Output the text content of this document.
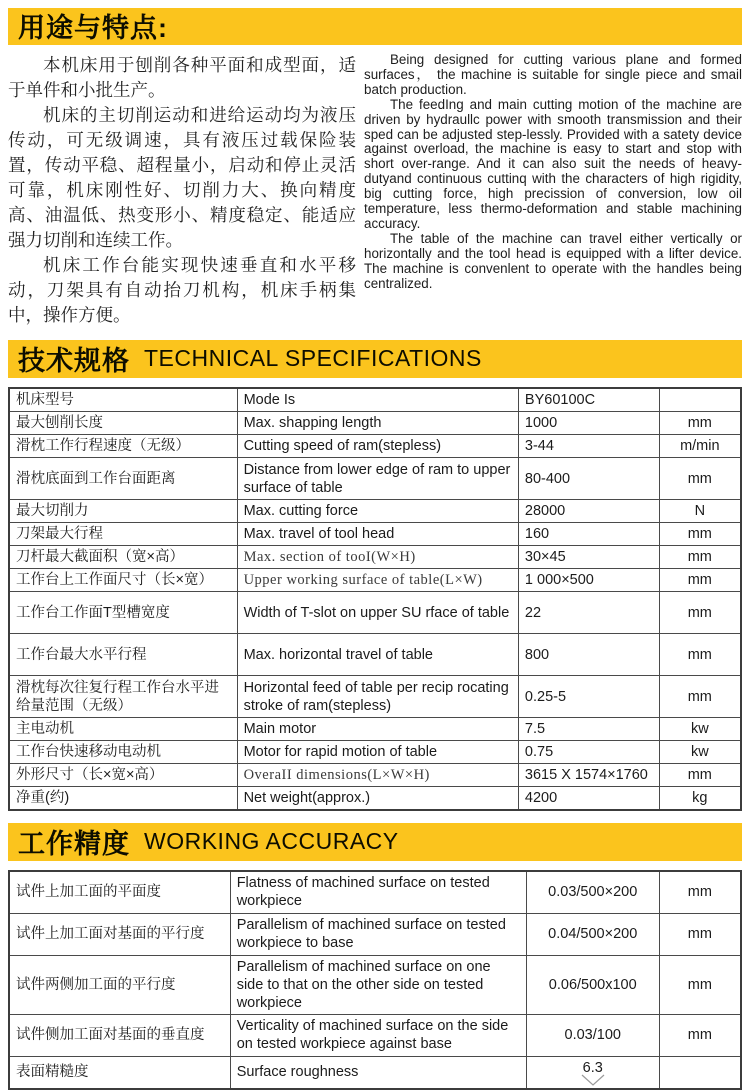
用途与特点:

本机床用于刨削各种平面和成型面，适于单件和小批生产。

机床的主切削运动和进给运动均为液压传动，可无级调速，具有液压过载保险装置，传动平稳、超程量小，启动和停止灵活可靠，机床刚性好、切削力大、换向精度高、油温低、热变形小、精度稳定、能适应强力切削和连续工作。

机床工作台能实现快速垂直和水平移动，刀架具有自动抬刀机构，机床手柄集中，操作方便。

Being designed for cutting various plane and formed surfaces， the machine is suitable for single piece and smail batch production.

The feedIng and main cutting motion of the machine are driven by hydraullc power with smooth transmission and their sped can be adjusted step-lessly. Provided with a satety device against overload, the machine is easy to start and stop with short over-range. And it can also suit the needs of heavy-dutyand continuous cuttinq with the characters of high rigidity, big cutting force, high precission of conversion, low oil temperature, less thermo-deformation and stable machining accuracy.

The table of the machine can travel either vertically or horizontally and the tool head is equipped with a lifter device. The machine is convenlent to operate with the handles being centralized.

技术规格 TECHNICAL SPECIFICATIONS
机床型号	Mode Is	BY60100C	
最大刨削长度	Max. shapping length	1000	mm
滑枕工作行程速度（无级）	Cutting speed of ram(stepless)	3-44	m/min
滑枕底面到工作台面距离	Distance from lower edge of ram to upper surface of table	80-400	mm
最大切削力	Max. cutting force	28000	N
刀架最大行程	Max. travel of tool head	160	mm
刀杆最大截面积（宽×高）	Max. section of tooI(W×H)	30×45	mm
工作台上工作面尺寸（长×宽）	Upper working surface of table(L×W)	1 000×500	mm
工作台工作面T型槽宽度	Width of T-slot on upper SU rface of table	22	mm
工作台最大水平行程	Max. horizontal travel of table	800	mm
滑枕每次往复行程工作台水平进给量范围（无级）	Horizontal feed of table per recip rocating stroke of ram(stepless)	0.25-5	mm
主电动机	Main motor	7.5	kw
工作台快速移动电动机	Motor for rapid motion of table	0.75	kw
外形尺寸（长×宽×高）	OveraII dimensions(L×W×H)	3615 X 1574×1760	mm
净重(约)	Net weight(approx.)	4200	kg
工作精度 WORKING ACCURACY
试件上加工面的平面度	Flatness of machined surface on tested workpiece	0.03/500×200	mm
试件上加工面对基面的平行度	Parallelism of machined surface on tested workpiece to base	0.04/500×200	mm
试件两侧加工面的平行度	Parallelism of machined surface on one side to that on the other side on tested workpiece	0.06/500x100	mm
试件侧加工面对基面的垂直度	Verticality of machined surface on the side on tested workpiece against base	0.03/100	mm
表面精糙度	Surface roughness	6.3	
